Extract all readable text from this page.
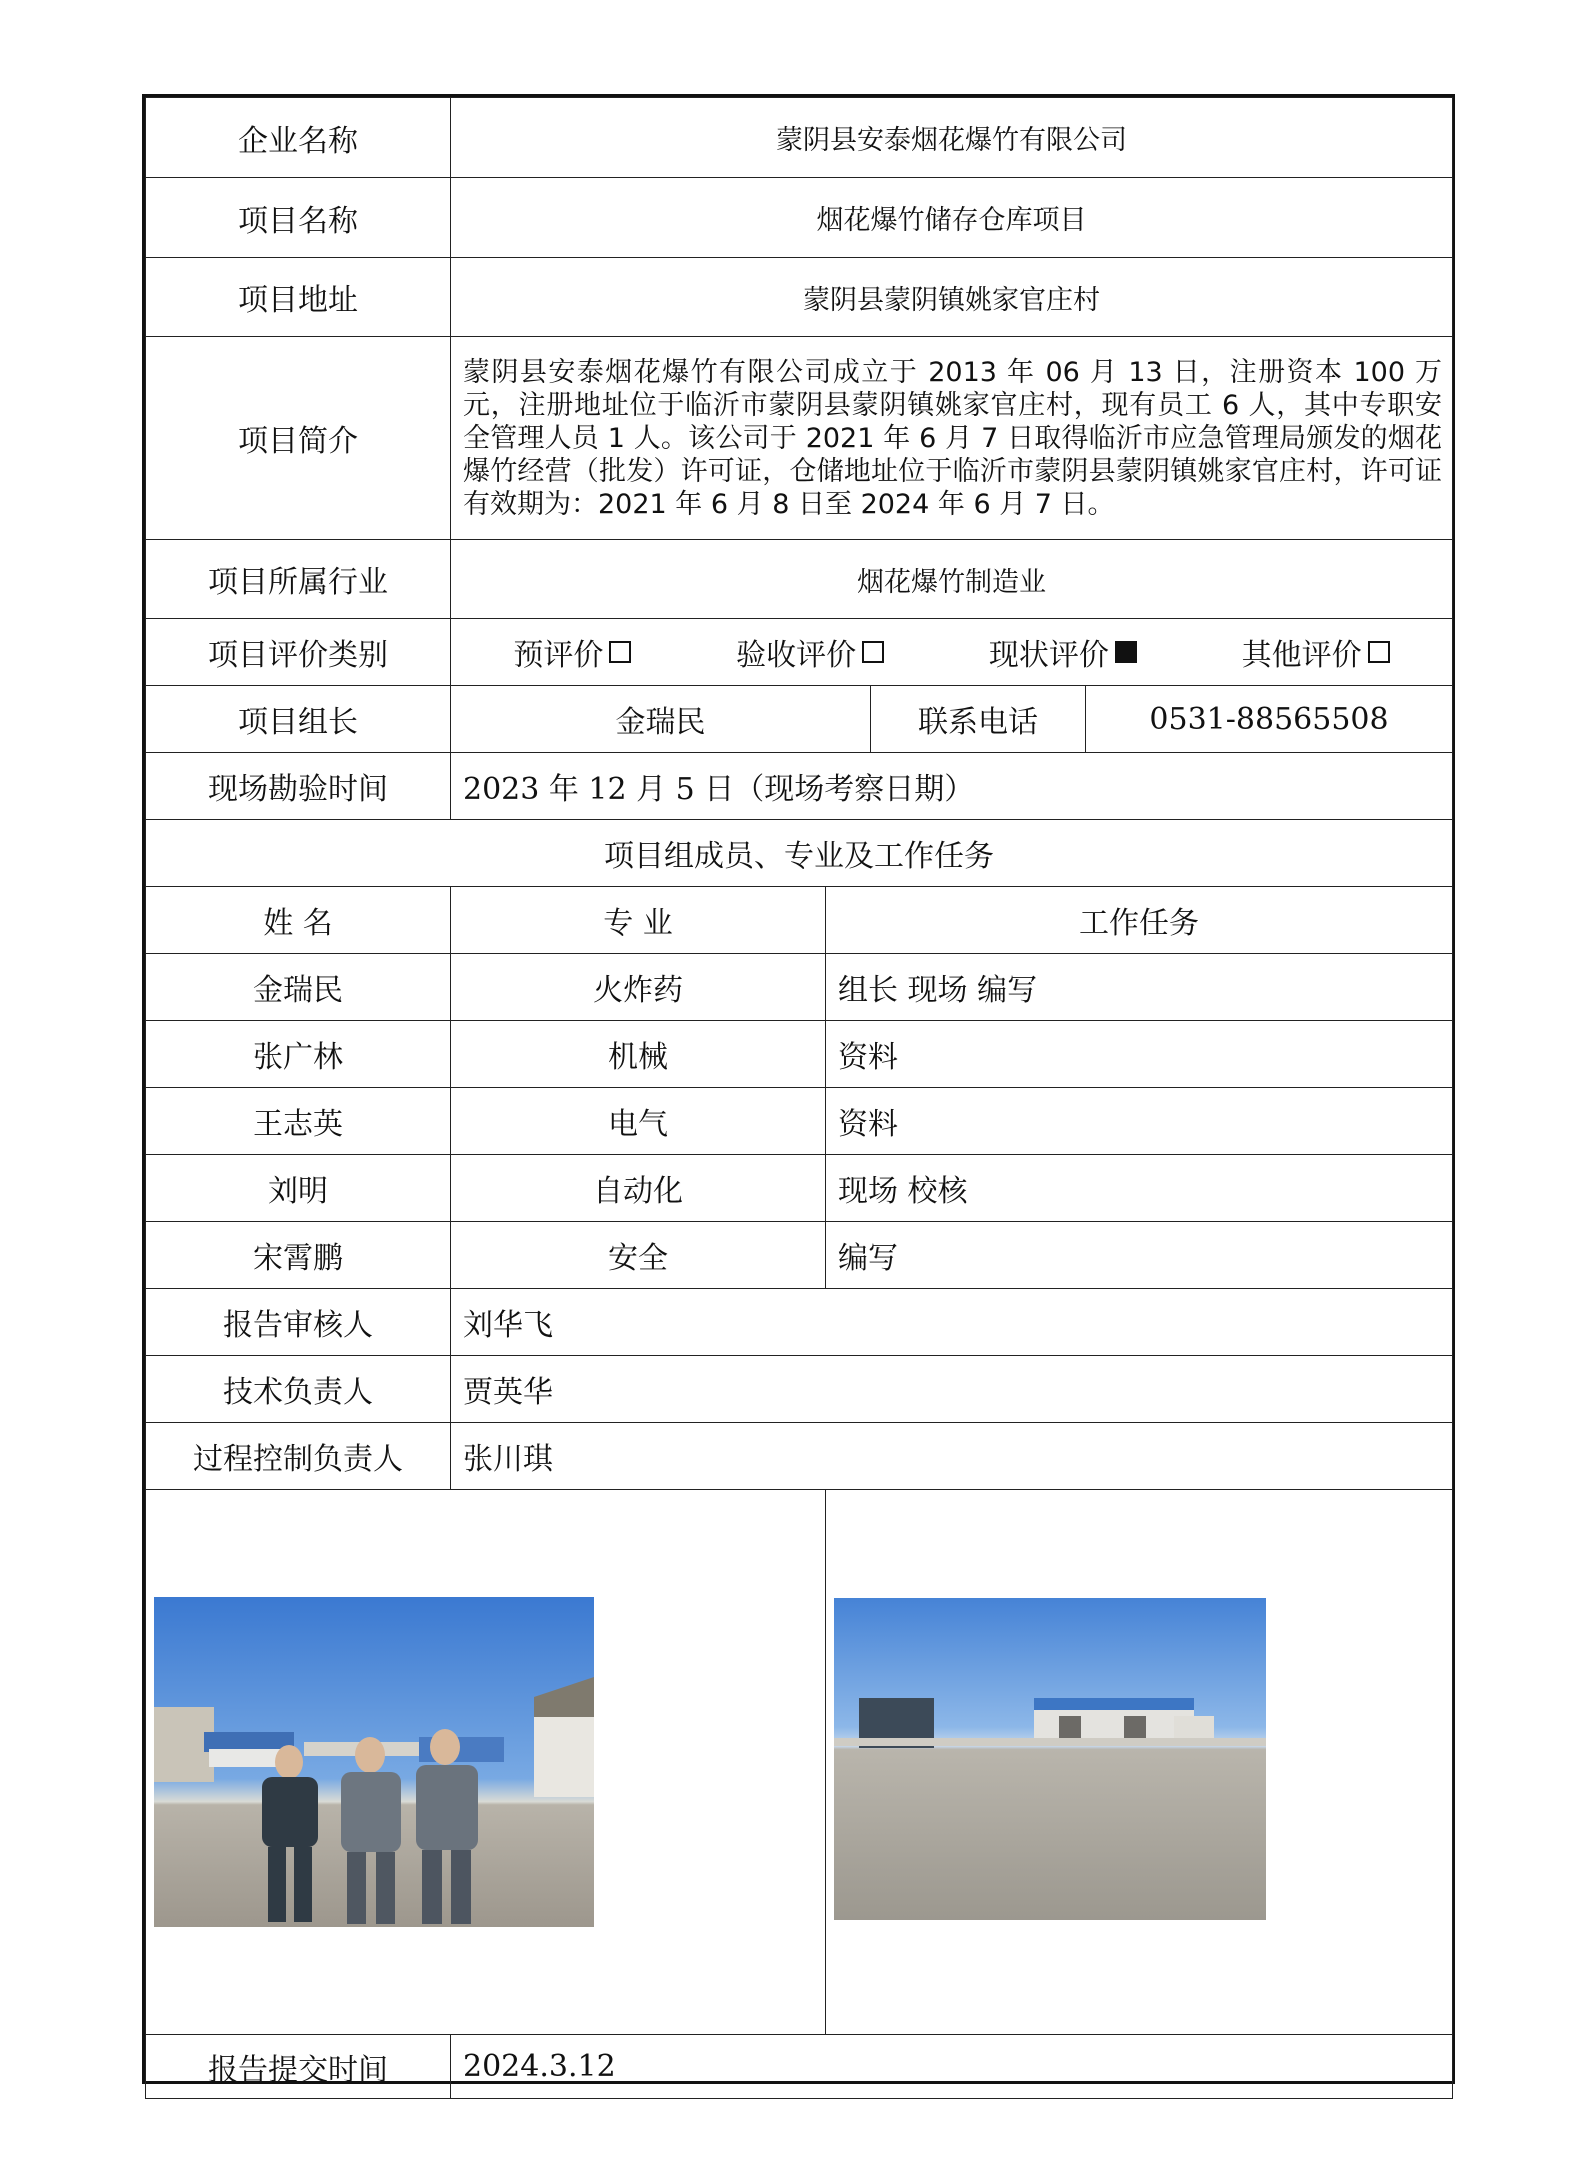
企业名称	蒙阴县安泰烟花爆竹有限公司			
项目名称	烟花爆竹储存仓库项目			
项目地址	蒙阴县蒙阴镇姚家官庄村			
项目简介	蒙阴县安泰烟花爆竹有限公司成立于 2013 年 06 月 13 日，注册资本 100 万元，注册地址位于临沂市蒙阴县蒙阴镇姚家官庄村，现有员工 6 人，其中专职安全管理人员 1 人。该公司于 2021 年 6 月 7 日取得临沂市应急管理局颁发的烟花爆竹经营（批发）许可证，仓储地址位于临沂市蒙阴县蒙阴镇姚家官庄村，许可证有效期为：2021 年 6 月 8 日至 2024 年 6 月 7 日。			
项目所属行业	烟花爆竹制造业			
项目评价类别	预评价 验收评价 现状评价 其他评价			

项目组长	金瑞民		联系电话	0531-88565508
现场勘验时间	2023 年 12 月 5 日（现场考察日期）			
项目组成员、专业及工作任务				
姓 名	专 业	工作任务		
金瑞民	火炸药	组长 现场 编写		
张广林	机械	资料		
王志英	电气	资料		
刘明	自动化	现场 校核		
宋霄鹏	安全	编写		
报告审核人	刘华飞			
技术负责人	贾英华			
过程控制负责人	张川琪			

报告提交时间	2024.3.12			
